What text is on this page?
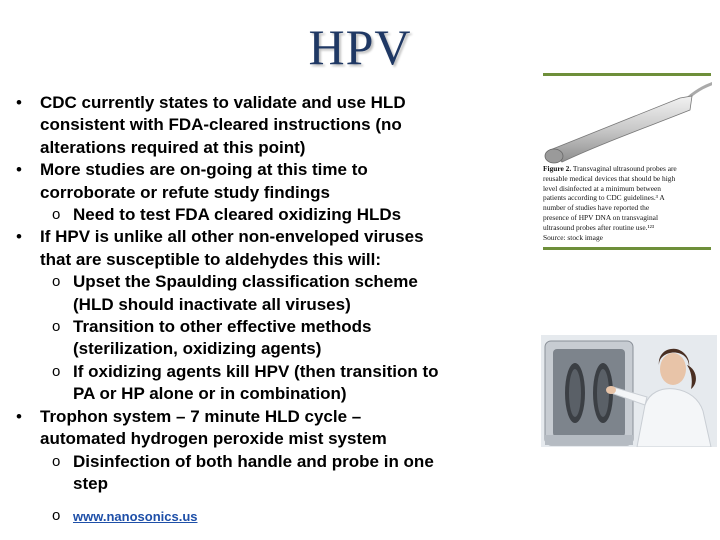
HPV
• CDC currently states to validate and use HLD
consistent with FDA-cleared instructions (no
alterations required at this point)
• More studies are on-going at this time to
corroborate or refute study findings
o Need to test FDA cleared oxidizing HLDs
• If HPV is unlike all other non-enveloped viruses
that are susceptible to aldehydes this will:
o Upset the Spaulding classification scheme
(HLD should inactivate all viruses)
o Transition to other effective methods
(sterilization, oxidizing agents)
o If oxidizing agents kill HPV (then transition to
PA or HP alone or in combination)
• Trophon system – 7 minute HLD cycle –
automated hydrogen peroxide mist system
o Disinfection of both handle and probe in one
step
o www.nanosonics.us
Figure 2. Transvaginal ultrasound probes are
reusable medical devices that should be high
level disinfected at a minimum between
patients according to CDC guidelines.³ A
number of studies have reported the
presence of HPV DNA on transvaginal
ultrasound probes after routine use.¹²³
Source: stock image
